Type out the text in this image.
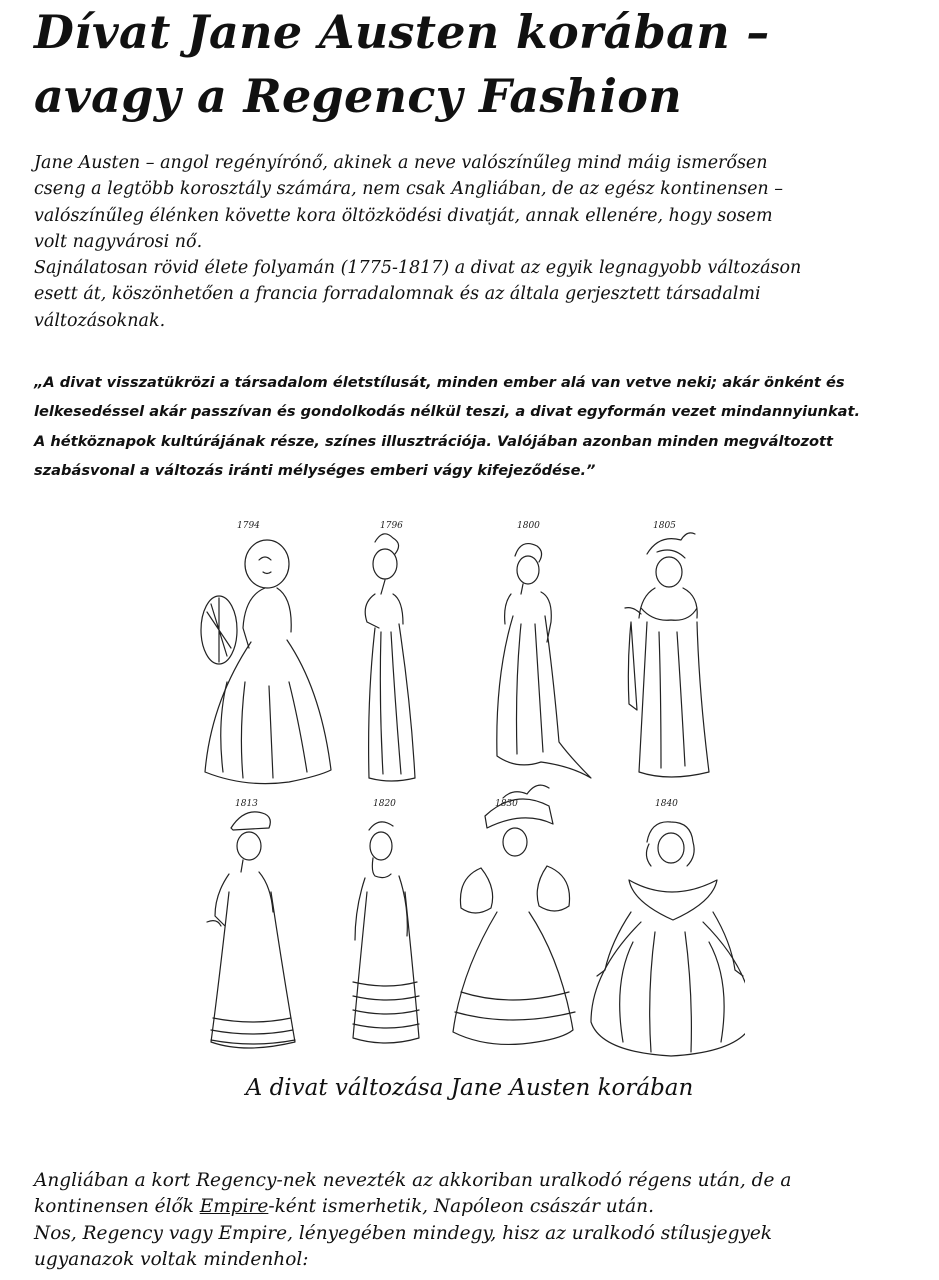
Dívat Jane Austen korában –
avagy a Regency Fashion

Jane Austen – angol regényírónő, akinek a neve valószínűleg mind máig ismerősen
cseng a legtöbb korosztály számára, nem csak Angliában, de az egész kontinensen –
valószínűleg élénken követte kora öltözködési divatját, annak ellenére, hogy sosem
volt nagyvárosi nő.
Sajnálatosan rövid élete folyamán (1775-1817) a divat az egyik legnagyobb változáson
esett át, köszönhetően a francia forradalomnak és az általa gerjesztett társadalmi
változásoknak.

„A divat visszatükrözi a társadalom életstílusát, minden ember alá van vetve neki; akár önként és
lelkesedéssel akár passzívan és gondolkodás nélkül teszi, a divat egyformán vezet mindannyiunkat.
A hétköznapok kultúrájának része, színes illusztrációja. Valójában azonban minden megváltozott
szabásvonal a változás iránti mélységes emberi vágy kifejeződése.”
1794	1796	1800	1805
1813	1820	1830	1840

A divat változása Jane Austen korában

Angliában a kort Regency-nek nevezték az akkoriban uralkodó régens után, de a
kontinensen élők Empire-ként ismerhetik, Napóleon császár után.
Nos, Regency vagy Empire, lényegében mindegy, hisz az uralkodó stílusjegyek
ugyanazok voltak mindenhol:
